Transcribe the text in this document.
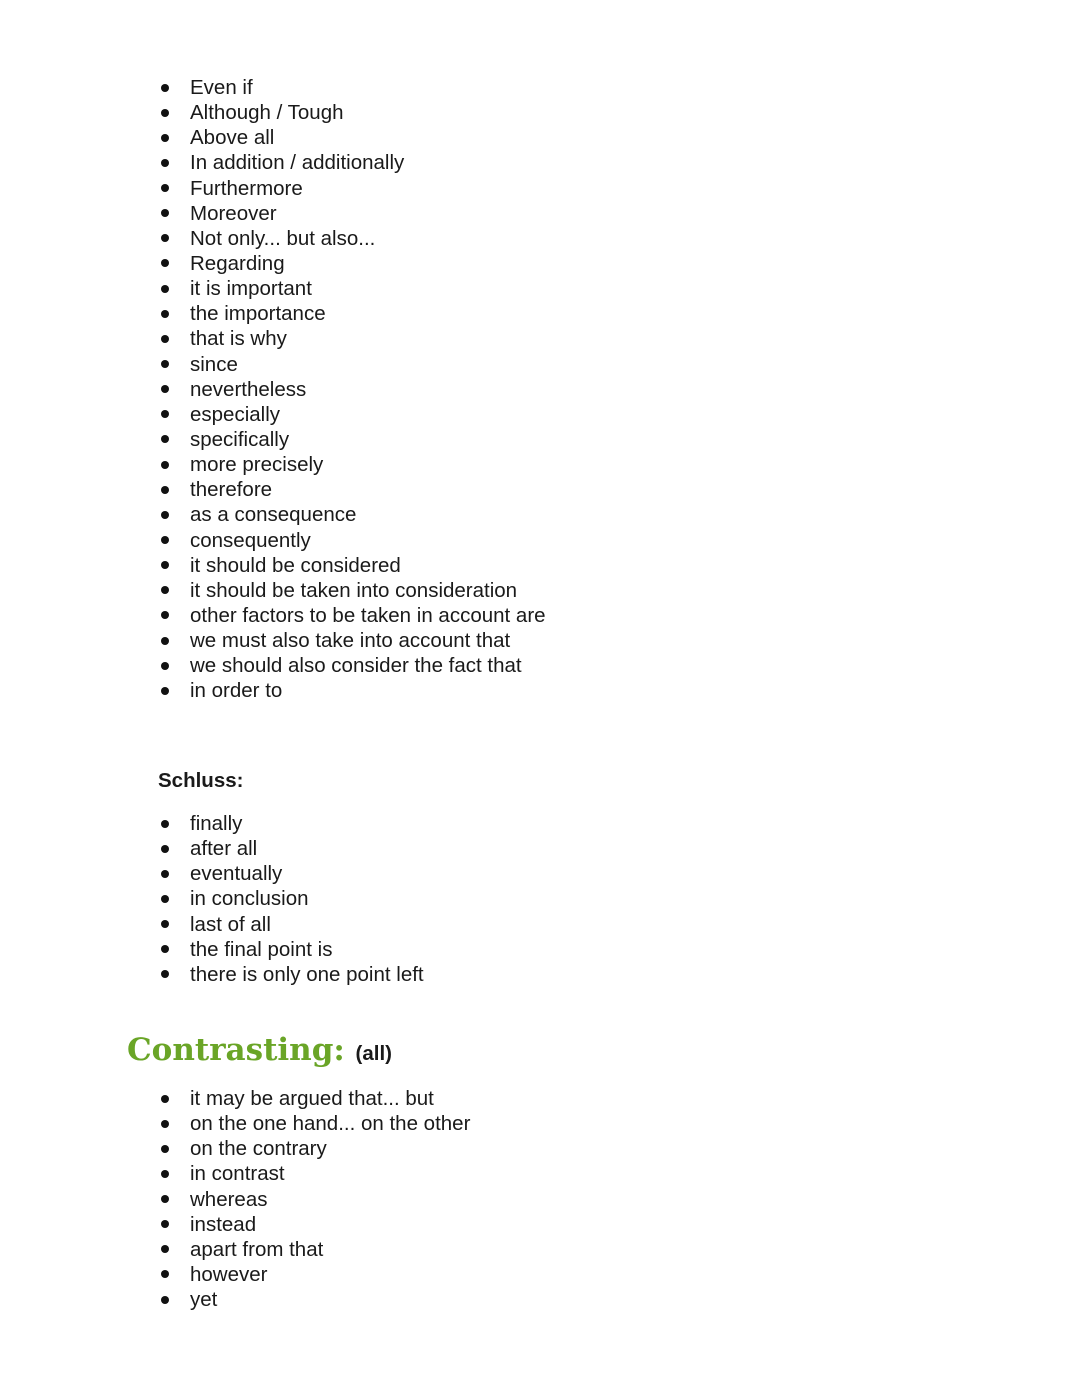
Even if
Although / Tough
Above all
In addition / additionally
Furthermore
Moreover
Not only... but also...
Regarding
it is important
the importance
that is why
since
nevertheless
especially
specifically
more precisely
therefore
as a consequence
consequently
it should be considered
it should be taken into consideration
other factors to be taken in account are
we must also take into account that
we should also consider the fact that
in order to
Schluss:
finally
after all
eventually
in conclusion
last of all
the final point is
there is only one point left
Contrasting: (all)
it may be argued that... but
on the one hand... on the other
on the contrary
in contrast
whereas
instead
apart from that
however
yet
